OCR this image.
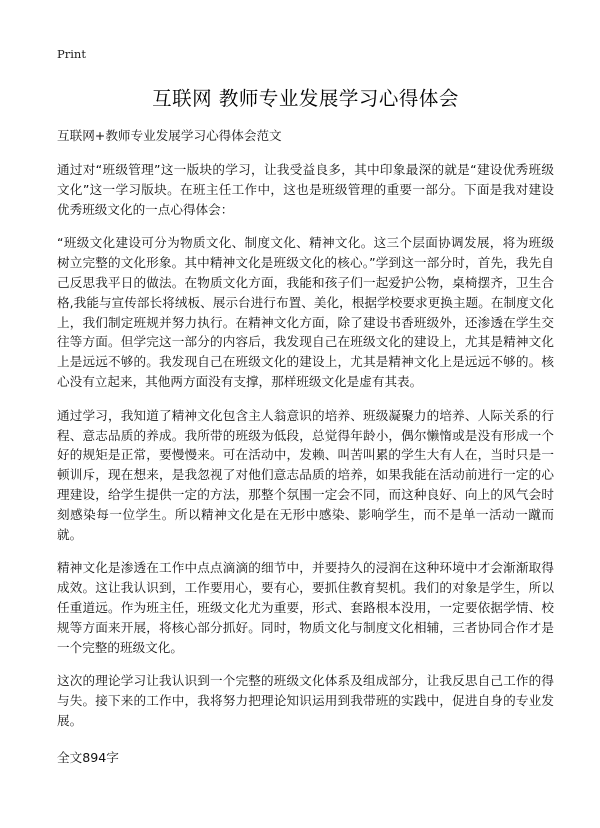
Print
互联网 教师专业发展学习心得体会
互联网+教师专业发展学习心得体会范文
通过对“班级管理”这一版块的学习，让我受益良多，其中印象最深的就是“建设优秀班级文化”这一学习版块。在班主任工作中，这也是班级管理的重要一部分。下面是我对建设优秀班级文化的一点心得体会：
“班级文化建设可分为物质文化、制度文化、精神文化。这三个层面协调发展，将为班级树立完整的文化形象。其中精神文化是班级文化的核心。”学到这一部分时，首先，我先自己反思我平日的做法。在物质文化方面，我能和孩子们一起爱护公物，桌椅摆齐，卫生合格,我能与宣传部长将绒板、展示台进行布置、美化，根据学校要求更换主题。在制度文化上，我们制定班规并努力执行。在精神文化方面，除了建设书香班级外，还渗透在学生交往等方面。但学完这一部分的内容后，我发现自己在班级文化的建设上，尤其是精神文化上是远远不够的。我发现自己在班级文化的建设上，尤其是精神文化上是远远不够的。核心没有立起来，其他两方面没有支撑，那样班级文化是虚有其表。
通过学习，我知道了精神文化包含主人翁意识的培养、班级凝聚力的培养、人际关系的行程、意志品质的养成。我所带的班级为低段，总觉得年龄小，偶尔懒惰或是没有形成一个好的规矩是正常，要慢慢来。可在活动中，发赖、叫苦叫累的学生大有人在，当时只是一顿训斥，现在想来，是我忽视了对他们意志品质的培养，如果我能在活动前进行一定的心理建设，给学生提供一定的方法，那整个氛围一定会不同，而这种良好、向上的风气会时刻感染每一位学生。所以精神文化是在无形中感染、影响学生，而不是单一活动一蹴而就。
精神文化是渗透在工作中点点滴滴的细节中，并要持久的浸润在这种环境中才会渐渐取得成效。这让我认识到，工作要用心，要有心，要抓住教育契机。我们的对象是学生，所以任重道远。作为班主任，班级文化尤为重要，形式、套路根本没用，一定要依据学情、校规等方面来开展，将核心部分抓好。同时，物质文化与制度文化相辅，三者协同合作才是一个完整的班级文化。
这次的理论学习让我认识到一个完整的班级文化体系及组成部分，让我反思自己工作的得与失。接下来的工作中，我将努力把理论知识运用到我带班的实践中，促进自身的专业发展。
全文894字
